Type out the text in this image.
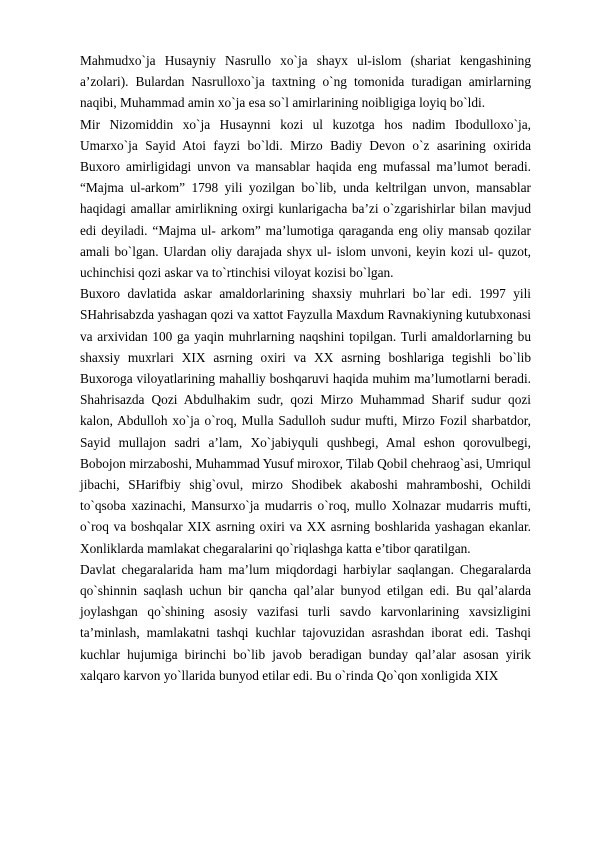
Mahmudxo`ja Husayniy Nasrullo xo`ja shayx ul-islom (shariat kengashining a’zolari). Bulardan Nasrulloxo`ja taxtning o`ng tomonida turadigan amirlarning naqibi, Muhammad amin xo`ja esa so`l amirlarining noibligiga loyiq bo`ldi.

Mir Nizomiddin xo`ja Husaynni kozi ul kuzotga hos nadim Ibodulloxo`ja, Umarxo`ja Sayid Atoi fayzi bo`ldi. Mirzo Badiy Devon o`z asarining oxirida Buxoro amirligidagi unvon va mansablar haqida eng mufassal ma’lumot beradi. “Majma ul-arkom” 1798 yili yozilgan bo`lib, unda keltrilgan unvon, mansablar haqidagi amallar amirlikning oxirgi kunlarigacha ba’zi o`zgarishirlar bilan mavjud edi deyiladi. “Majma ul- arkom” ma’lumotiga qaraganda eng oliy mansab qozilar amali bo`lgan. Ulardan oliy darajada shyx ul- islom unvoni, keyin kozi ul- quzot, uchinchisi qozi askar va to`rtinchisi viloyat kozisi bo`lgan.

Buxoro davlatida askar amaldorlarining shaxsiy muhrlari bo`lar edi. 1997 yili SHahrisabzda yashagan qozi va xattot Fayzulla Maxdum Ravnakiyning kutubxonasi va arxividan 100 ga yaqin muhrlarning naqshini topilgan. Turli amaldorlarning bu shaxsiy muxrlari XIX asrning oxiri va XX asrning boshlariga tegishli bo`lib Buxoroga viloyatlarining mahalliy boshqaruvi haqida muhim ma’lumotlarni beradi. Shahrisazda Qozi Abdulhakim sudr, qozi Mirzo Muhammad Sharif sudur qozi kalon, Abdulloh xo`ja o`roq, Mulla Sadulloh sudur mufti, Mirzo Fozil sharbatdor, Sayid mullajon sadri a’lam, Xo`jabiyquli qushbegi, Amal eshon qorovulbegi, Bobojon mirzaboshi, Muhammad Yusuf miroxor, Tilab Qobil chehraog`asi, Umriqul jibachi, SHarifbiy shig`ovul, mirzo Shodibek akaboshi mahramboshi, Ochildi to`qsoba xazinachi, Mansurxo`ja mudarris o`roq, mullo Xolnazar mudarris mufti, o`roq va boshqalar XIX asrning oxiri va XX asrning boshlarida yashagan ekanlar. Xonliklarda mamlakat chegaralarini qo`riqlashga katta e’tibor qaratilgan.

Davlat chegaralarida ham ma’lum miqdordagi harbiylar saqlangan. Chegaralarda qo`shinnin saqlash uchun bir qancha qal’alar bunyod etilgan edi. Bu qal’alarda joylashgan qo`shining asosiy vazifasi turli savdo karvonlarining xavsizligini ta’minlash, mamlakatni tashqi kuchlar tajovuzidan asrashdan iborat edi. Tashqi kuchlar hujumiga birinchi bo`lib javob beradigan bunday qal’alar asosan yirik xalqaro karvon yo`llarida bunyod etilar edi. Bu o`rinda Qo`qon xonligida XIX
